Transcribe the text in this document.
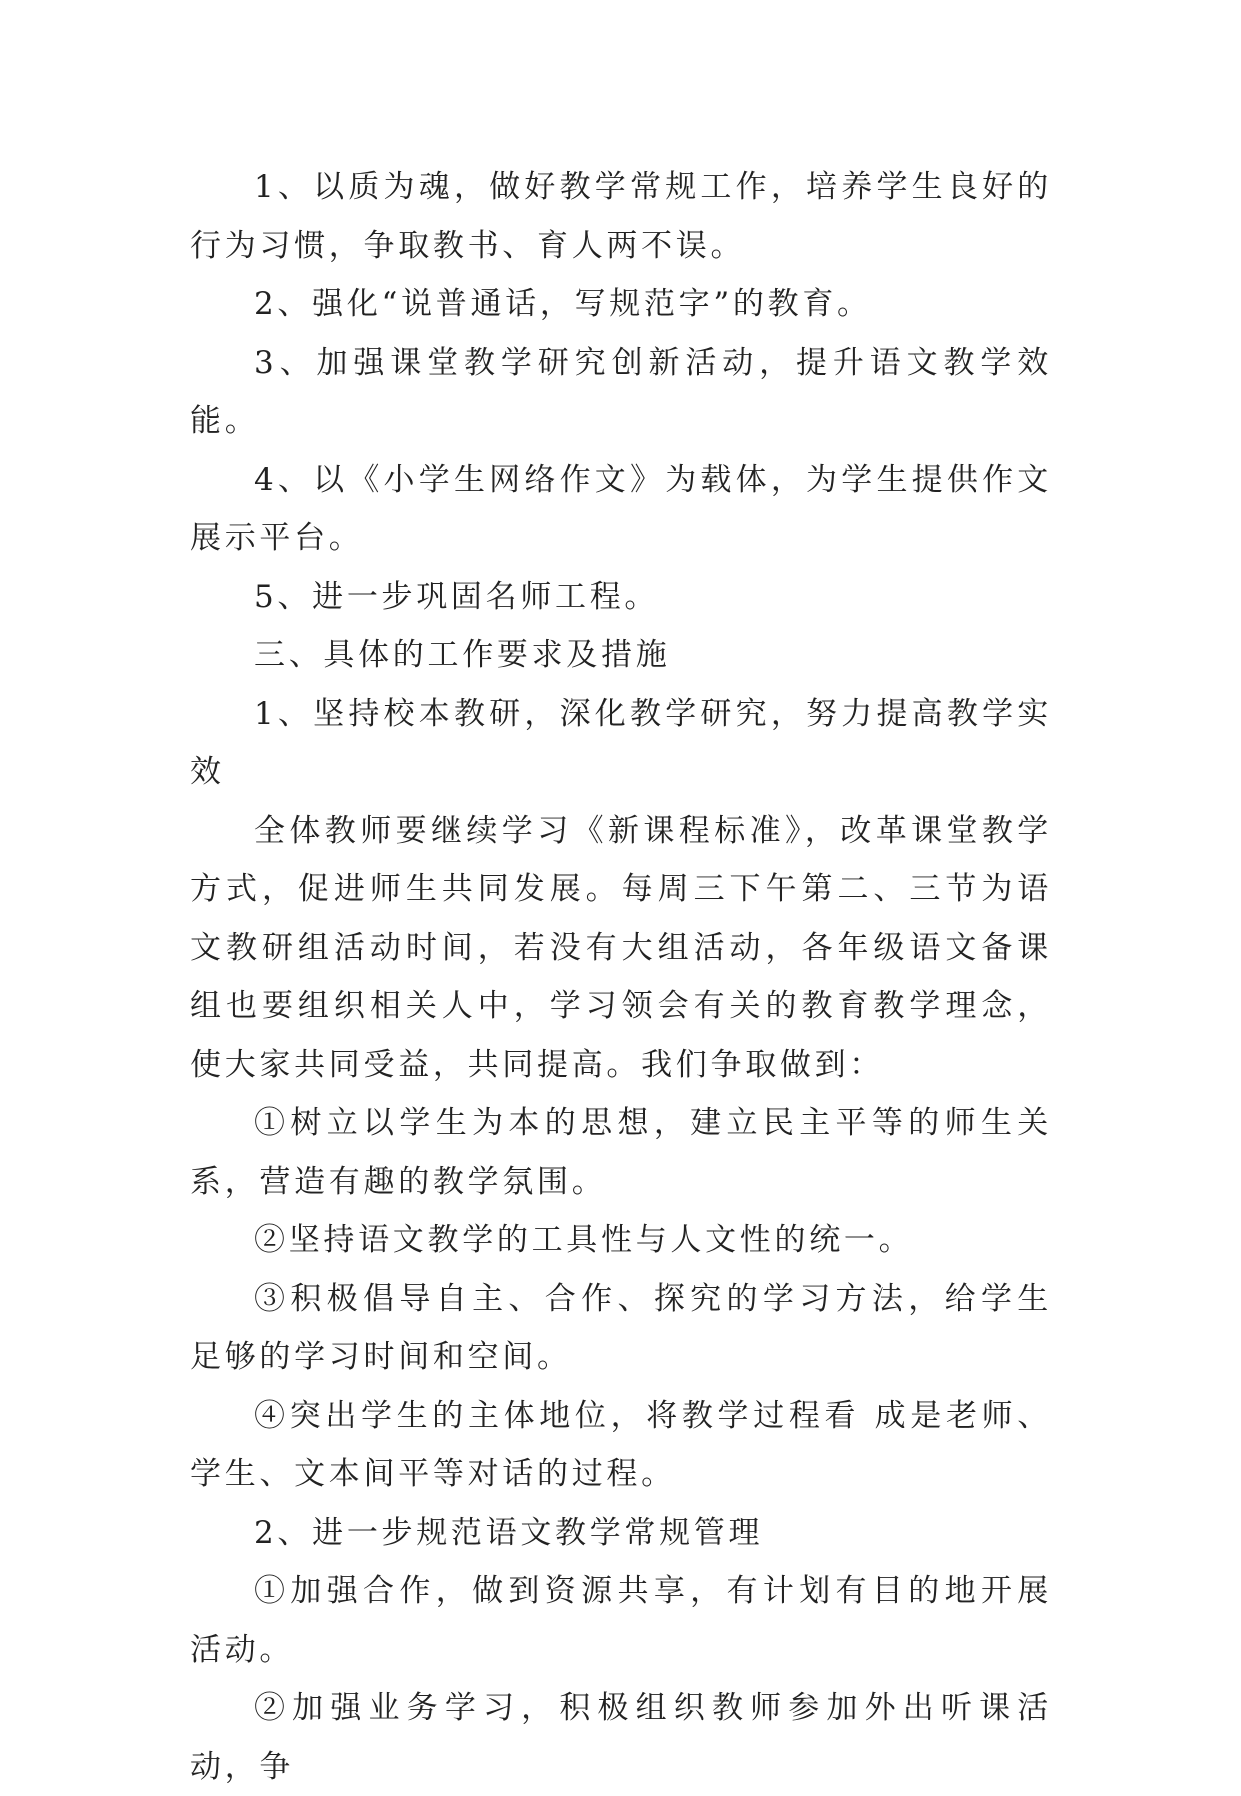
1、以质为魂，做好教学常规工作，培养学生良好的行为习惯，争取教书、育人两不误。

2、强化“说普通话，写规范字”的教育。

3、加强课堂教学研究创新活动，提升语文教学效能。

4、以《小学生网络作文》为载体，为学生提供作文展示平台。

5、进一步巩固名师工程。

三、具体的工作要求及措施

1、坚持校本教研，深化教学研究，努力提高教学实效

全体教师要继续学习《新课程标准》，改革课堂教学方式，促进师生共同发展。每周三下午第二、三节为语文教研组活动时间，若没有大组活动，各年级语文备课组也要组织相关人中，学习领会有关的教育教学理念，使大家共同受益，共同提高。我们争取做到：

①树立以学生为本的思想，建立民主平等的师生关系，营造有趣的教学氛围。

②坚持语文教学的工具性与人文性的统一。

③积极倡导自主、合作、探究的学习方法，给学生足够的学习时间和空间。

④突出学生的主体地位，将教学过程看 成是老师、学生、文本间平等对话的过程。

2、进一步规范语文教学常规管理

①加强合作，做到资源共享，有计划有目的地开展活动。

②加强业务学习，积极组织教师参加外出听课活动，争
